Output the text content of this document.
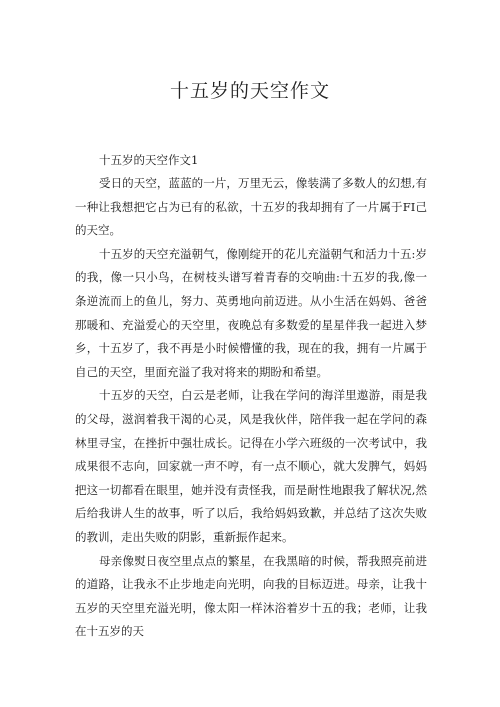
十五岁的天空作文

十五岁的天空作文1

受日的天空，蓝蓝的一片，万里无云，像装满了多数人的幻想,有一种让我想把它占为已有的私欲，十五岁的我却拥有了一片属于FI己的天空。

十五岁的天空充溢朝气，像刚绽开的花儿充溢朝气和活力十五:岁的我，像一只小鸟，在树枝头谱写着青春的交响曲:十五岁的我,像一条逆流而上的鱼儿，努力、英勇地向前迈进。从小生活在妈妈、爸爸那暖和、充溢爱心的天空里，夜晚总有多数爱的星星伴我一起进入梦乡，十五岁了，我不再是小时候懵懂的我，现在的我，拥有一片属于自己的天空，里面充溢了我对将来的期盼和希望。

十五岁的天空，白云是老师，让我在学问的海洋里遨游，雨是我的父母，滋润着我干渴的心灵，风是我伙伴，陪伴我一起在学问的森林里寻宝，在挫折中强壮成长。记得在小学六班级的一次考试中，我成果很不志向，回家就一声不哼，有一点不顺心，就大发脾气，妈妈把这一切都看在眼里，她并没有责怪我，而是耐性地跟我了解状况,然后给我讲人生的故事，听了以后，我给妈妈致歉，并总结了这次失败的教训，走出失败的阴影，重新振作起来。

母亲像熨日夜空里点点的繁星，在我黑暗的时候，帮我照亮前进的道路，让我永不止步地走向光明，向我的目标迈进。母亲，让我十五岁的天空里充溢光明，像太阳一样沐浴着岁十五的我；老师，让我在十五岁的天
